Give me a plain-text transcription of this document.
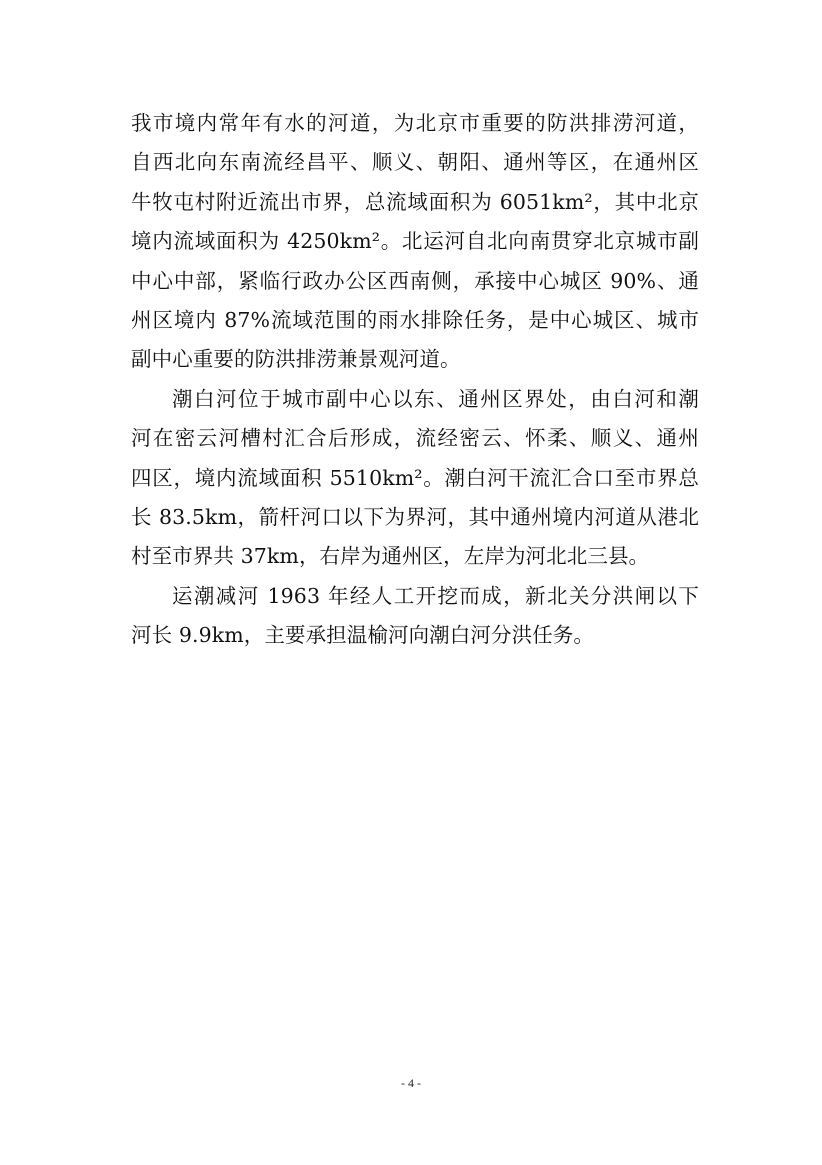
我市境内常年有水的河道，为北京市重要的防洪排涝河道，
自西北向东南流经昌平、顺义、朝阳、通州等区，在通州区
牛牧屯村附近流出市界，总流域面积为 6051km²，其中北京
境内流域面积为 4250km²。北运河自北向南贯穿北京城市副
中心中部，紧临行政办公区西南侧，承接中心城区 90%、通
州区境内 87%流域范围的雨水排除任务，是中心城区、城市
副中心重要的防洪排涝兼景观河道。
潮白河位于城市副中心以东、通州区界处，由白河和潮
河在密云河槽村汇合后形成，流经密云、怀柔、顺义、通州
四区，境内流域面积 5510km²。潮白河干流汇合口至市界总
长 83.5km，箭杆河口以下为界河，其中通州境内河道从港北
村至市界共 37km，右岸为通州区，左岸为河北北三县。
运潮减河 1963 年经人工开挖而成，新北关分洪闸以下
河长 9.9km，主要承担温榆河向潮白河分洪任务。
- 4 -
